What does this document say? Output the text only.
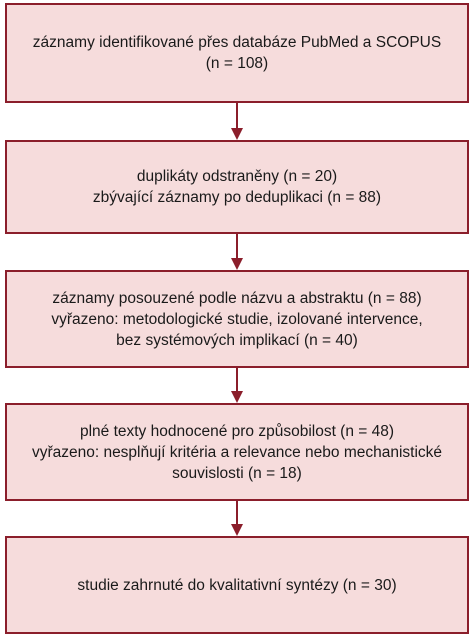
záznamy identifikované přes databáze PubMed a SCOPUS
(n = 108)
duplikáty odstraněny (n = 20)
zbývající záznamy po deduplikaci (n = 88)
záznamy posouzené podle názvu a abstraktu (n = 88)
vyřazeno: metodologické studie, izolované intervence,
bez systémových implikací (n = 40)
plné texty hodnocené pro způsobilost (n = 48)
vyřazeno: nesplňují kritéria a relevance nebo mechanistické
souvislosti (n = 18)
studie zahrnuté do kvalitativní syntézy (n = 30)
